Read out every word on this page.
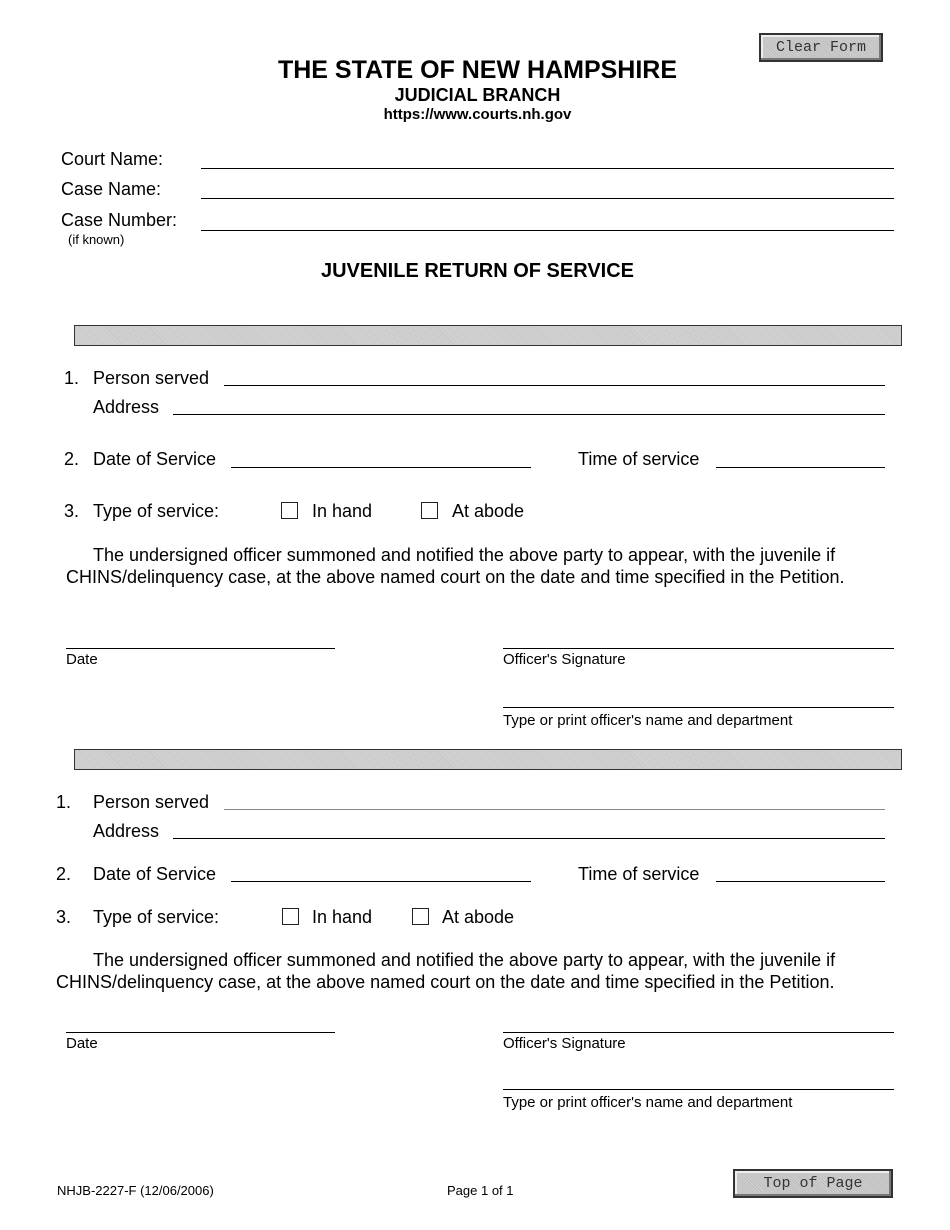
Clear Form
THE STATE OF NEW HAMPSHIRE
JUDICIAL BRANCH
https://www.courts.nh.gov
Court Name:
Case Name:
Case Number:
(if known)
JUVENILE RETURN OF SERVICE
1. Person served
Address
2. Date of Service	Time of service
3. Type of service:	In hand	At abode
The undersigned officer summoned and notified the above party to appear, with the juvenile if
CHINS/delinquency case, at the above named court on the date and time specified in the Petition.
Date	Officer's Signature
Type or print officer's name and department
1. Person served
Address
2. Date of Service	Time of service
3. Type of service:	In hand	At abode
The undersigned officer summoned and notified the above party to appear, with the juvenile if
CHINS/delinquency case, at the above named court on the date and time specified in the Petition.
Date	Officer's Signature
Type or print officer's name and department
NHJB-2227-F (12/06/2006)	Page 1 of 1	Top of Page
